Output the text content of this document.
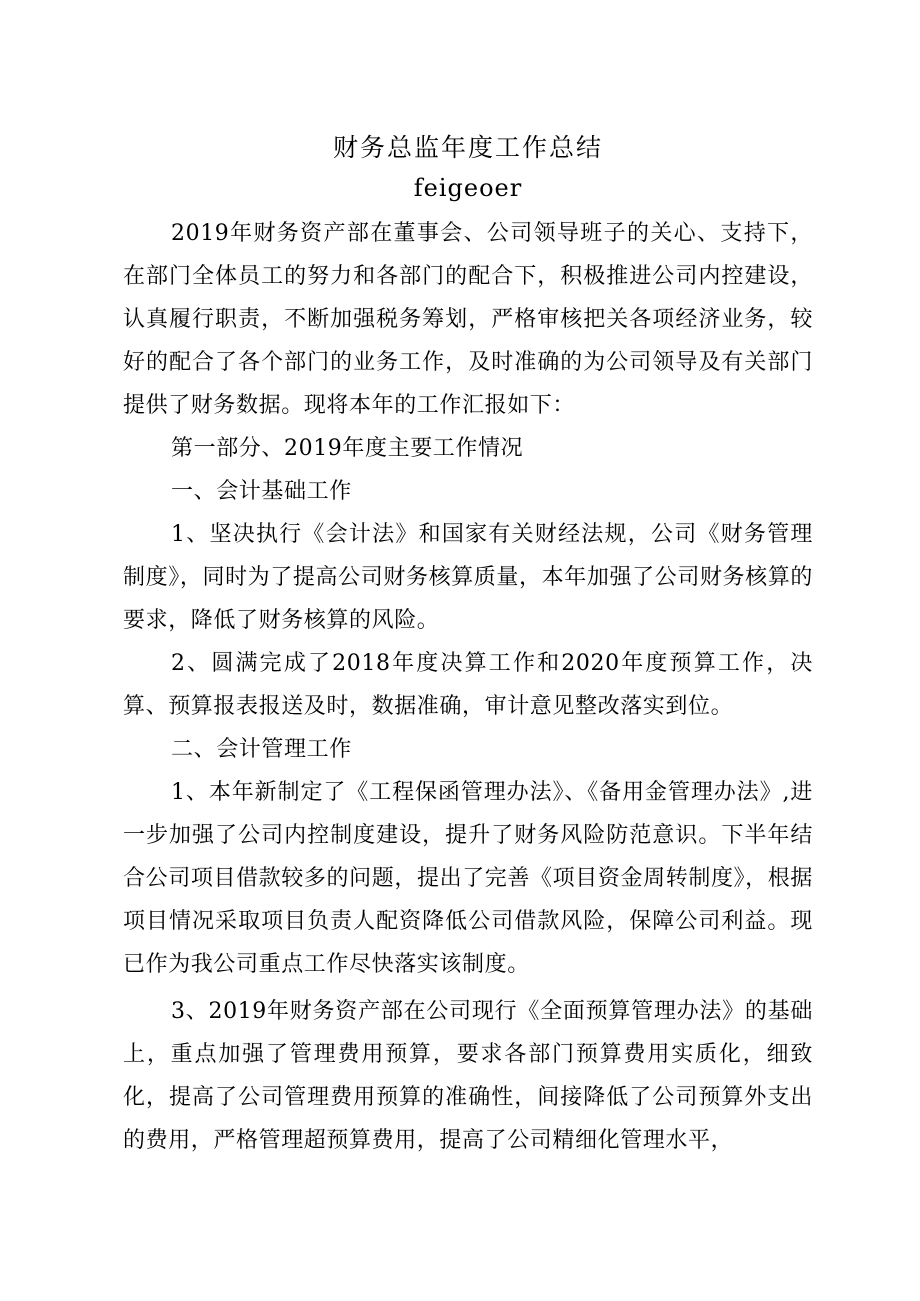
财务总监年度工作总结

feigeoer

2019年财务资产部在董事会、公司领导班子的关心、支持下，在部门全体员工的努力和各部门的配合下，积极推进公司内控建设，认真履行职责，不断加强税务筹划，严格审核把关各项经济业务，较好的配合了各个部门的业务工作，及时准确的为公司领导及有关部门提供了财务数据。现将本年的工作汇报如下：

第一部分、2019年度主要工作情况

一、会计基础工作

1、坚决执行《会计法》和国家有关财经法规，公司《财务管理制度》，同时为了提高公司财务核算质量，本年加强了公司财务核算的要求，降低了财务核算的风险。

2、圆满完成了2018年度决算工作和2020年度预算工作，决算、预算报表报送及时，数据准确，审计意见整改落实到位。

二、会计管理工作

1、本年新制定了《工程保函管理办法》、《备用金管理办法》,进一步加强了公司内控制度建设，提升了财务风险防范意识。下半年结合公司项目借款较多的问题，提出了完善《项目资金周转制度》，根据项目情况采取项目负责人配资降低公司借款风险，保障公司利益。现已作为我公司重点工作尽快落实该制度。

3、2019年财务资产部在公司现行《全面预算管理办法》的基础上，重点加强了管理费用预算，要求各部门预算费用实质化，细致化，提高了公司管理费用预算的准确性，间接降低了公司预算外支出的费用，严格管理超预算费用，提高了公司精细化管理水平，
